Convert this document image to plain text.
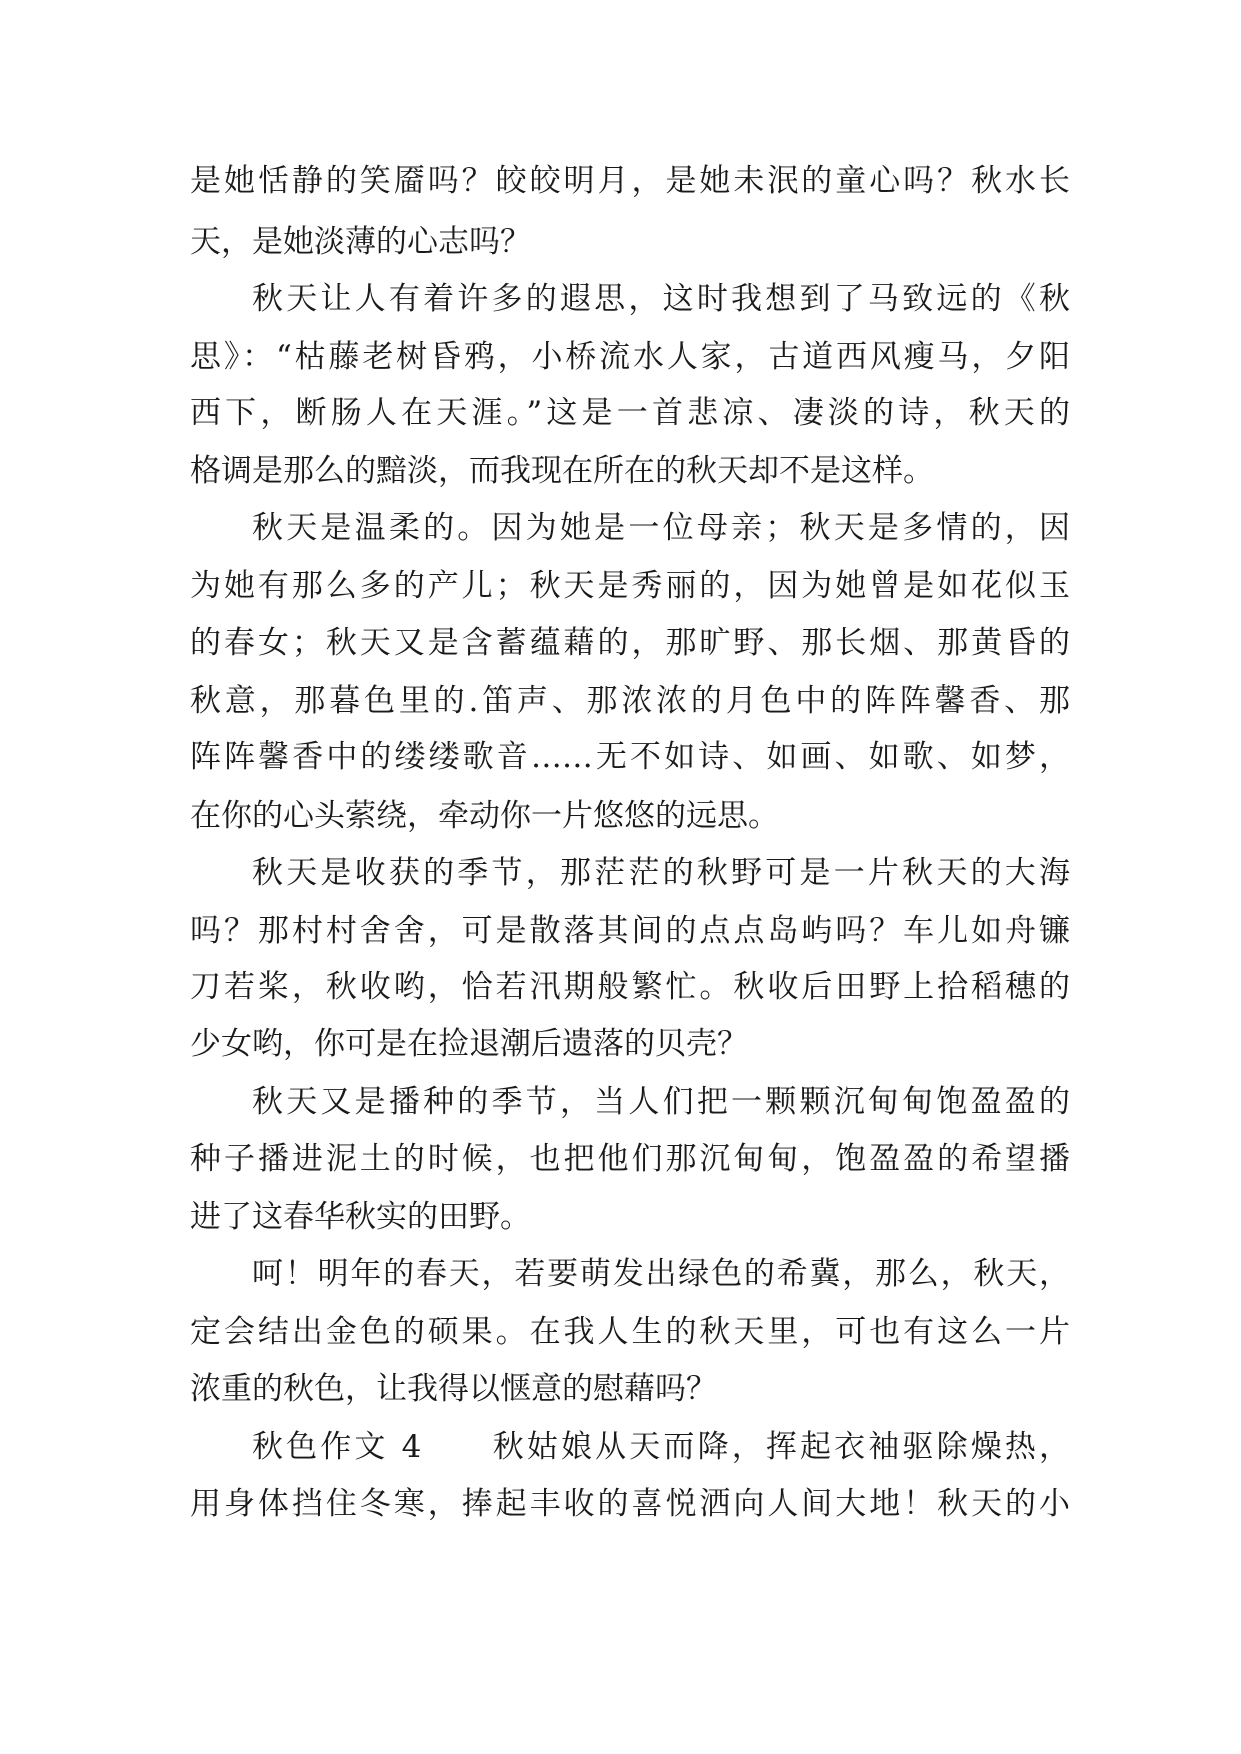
是她恬静的笑靥吗？皎皎明月，是她未泯的童心吗？秋水长
天，是她淡薄的心志吗？
秋天让人有着许多的遐思，这时我想到了马致远的《秋
思》：“枯藤老树昏鸦，小桥流水人家，古道西风瘦马，夕阳
西下，断肠人在天涯。”这是一首悲凉、凄淡的诗，秋天的
格调是那么的黯淡，而我现在所在的秋天却不是这样。
秋天是温柔的。因为她是一位母亲；秋天是多情的，因
为她有那么多的产儿；秋天是秀丽的，因为她曾是如花似玉
的春女；秋天又是含蓄蕴藉的，那旷野、那长烟、那黄昏的
秋意，那暮色里的.笛声、那浓浓的月色中的阵阵馨香、那
阵阵馨香中的缕缕歌音……无不如诗、如画、如歌、如梦，
在你的心头萦绕，牵动你一片悠悠的远思。
秋天是收获的季节，那茫茫的秋野可是一片秋天的大海
吗？那村村舍舍，可是散落其间的点点岛屿吗？车儿如舟镰
刀若桨，秋收哟，恰若汛期般繁忙。秋收后田野上拾稻穗的
少女哟，你可是在捡退潮后遗落的贝壳？
秋天又是播种的季节，当人们把一颗颗沉甸甸饱盈盈的
种子播进泥土的时候，也把他们那沉甸甸，饱盈盈的希望播
进了这春华秋实的田野。
呵！明年的春天，若要萌发出绿色的希冀，那么，秋天，
定会结出金色的硕果。在我人生的秋天里，可也有这么一片
浓重的秋色，让我得以惬意的慰藉吗？
秋色作文 4　　秋姑娘从天而降，挥起衣袖驱除燥热，
用身体挡住冬寒，捧起丰收的喜悦洒向人间大地！秋天的小
